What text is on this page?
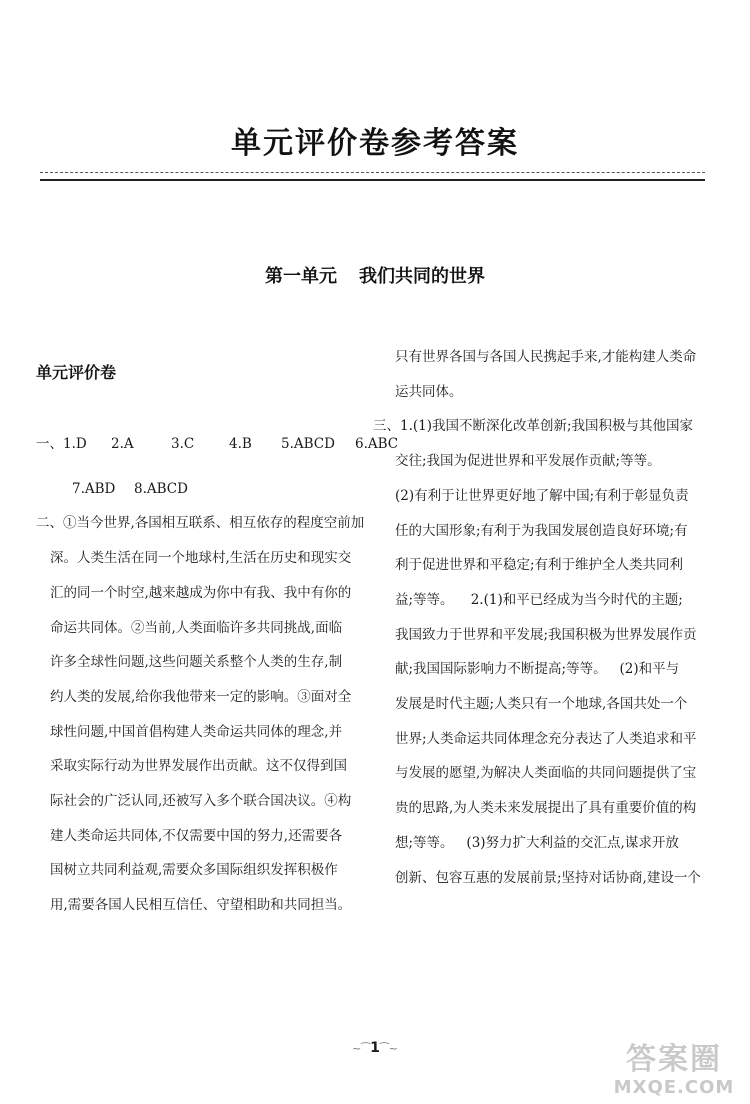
单元评价卷参考答案
第一单元 我们共同的世界
单元评价卷

一、1.D 2.A	3.C	4.B 5.ABCD 6.ABC

7.ABD 8.ABCD

二、①当今世界,各国相互联系、相互依存的程度空前加

深。人类生活在同一个地球村,生活在历史和现实交

汇的同一个时空,越来越成为你中有我、我中有你的

命运共同体。②当前,人类面临许多共同挑战,面临

许多全球性问题,这些问题关系整个人类的生存,制

约人类的发展,给你我他带来一定的影响。③面对全

球性问题,中国首倡构建人类命运共同体的理念,并

采取实际行动为世界发展作出贡献。这不仅得到国

际社会的广泛认同,还被写入多个联合国决议。④构

建人类命运共同体,不仅需要中国的努力,还需要各

国树立共同利益观,需要众多国际组织发挥积极作

用,需要各国人民相互信任、守望相助和共同担当。

只有世界各国与各国人民携起手来,才能构建人类命

运共同体。

三、1.(1)我国不断深化改革创新;我国积极与其他国家

交往;我国为促进世界和平发展作贡献;等等。

(2)有利于让世界更好地了解中国;有利于彰显负责

任的大国形象;有利于为我国发展创造良好环境;有

利于促进世界和平稳定;有利于维护全人类共同利

益;等等。    2.(1)和平已经成为当今时代的主题;

我国致力于世界和平发展;我国积极为世界发展作贡

献;我国国际影响力不断提高;等等。   (2)和平与

发展是时代主题;人类只有一个地球,各国共处一个

世界;人类命运共同体理念充分表达了人类追求和平

与发展的愿望,为解决人类面临的共同问题提供了宝

贵的思路,为人类未来发展提出了具有重要价值的构

想;等等。   (3)努力扩大利益的交汇点,谋求开放

创新、包容互惠的发展前景;坚持对话协商,建设一个

~⁀1⁀~	答案圈
MXQE.COM
